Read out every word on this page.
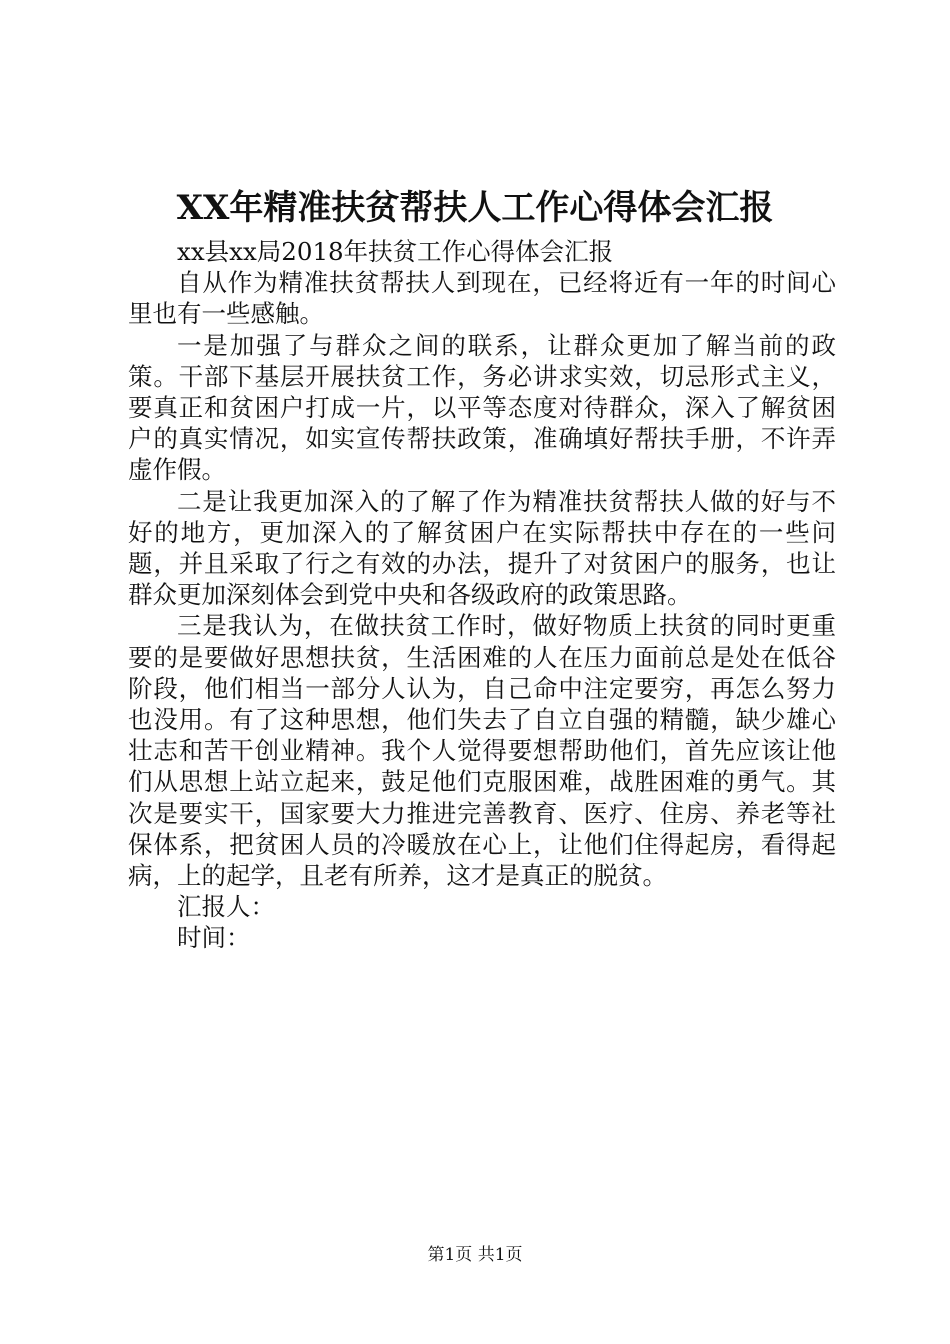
XX年精准扶贫帮扶人工作心得体会汇报

xx县xx局2018年扶贫工作心得体会汇报

自从作为精准扶贫帮扶人到现在，已经将近有一年的时间心里也有一些感触。

一是加强了与群众之间的联系，让群众更加了解当前的政策。干部下基层开展扶贫工作，务必讲求实效，切忌形式主义，要真正和贫困户打成一片，以平等态度对待群众，深入了解贫困户的真实情况，如实宣传帮扶政策，准确填好帮扶手册，不许弄虚作假。

二是让我更加深入的了解了作为精准扶贫帮扶人做的好与不好的地方，更加深入的了解贫困户在实际帮扶中存在的一些问题，并且采取了行之有效的办法，提升了对贫困户的服务，也让群众更加深刻体会到党中央和各级政府的政策思路。

三是我认为，在做扶贫工作时，做好物质上扶贫的同时更重要的是要做好思想扶贫，生活困难的人在压力面前总是处在低谷阶段，他们相当一部分人认为，自己命中注定要穷，再怎么努力也没用。有了这种思想，他们失去了自立自强的精髓，缺少雄心壮志和苦干创业精神。我个人觉得要想帮助他们，首先应该让他们从思想上站立起来，鼓足他们克服困难，战胜困难的勇气。其次是要实干，国家要大力推进完善教育、医疗、住房、养老等社保体系，把贫困人员的冷暖放在心上，让他们住得起房，看得起病，上的起学，且老有所养，这才是真正的脱贫。

汇报人：

时间：

第1页 共1页
